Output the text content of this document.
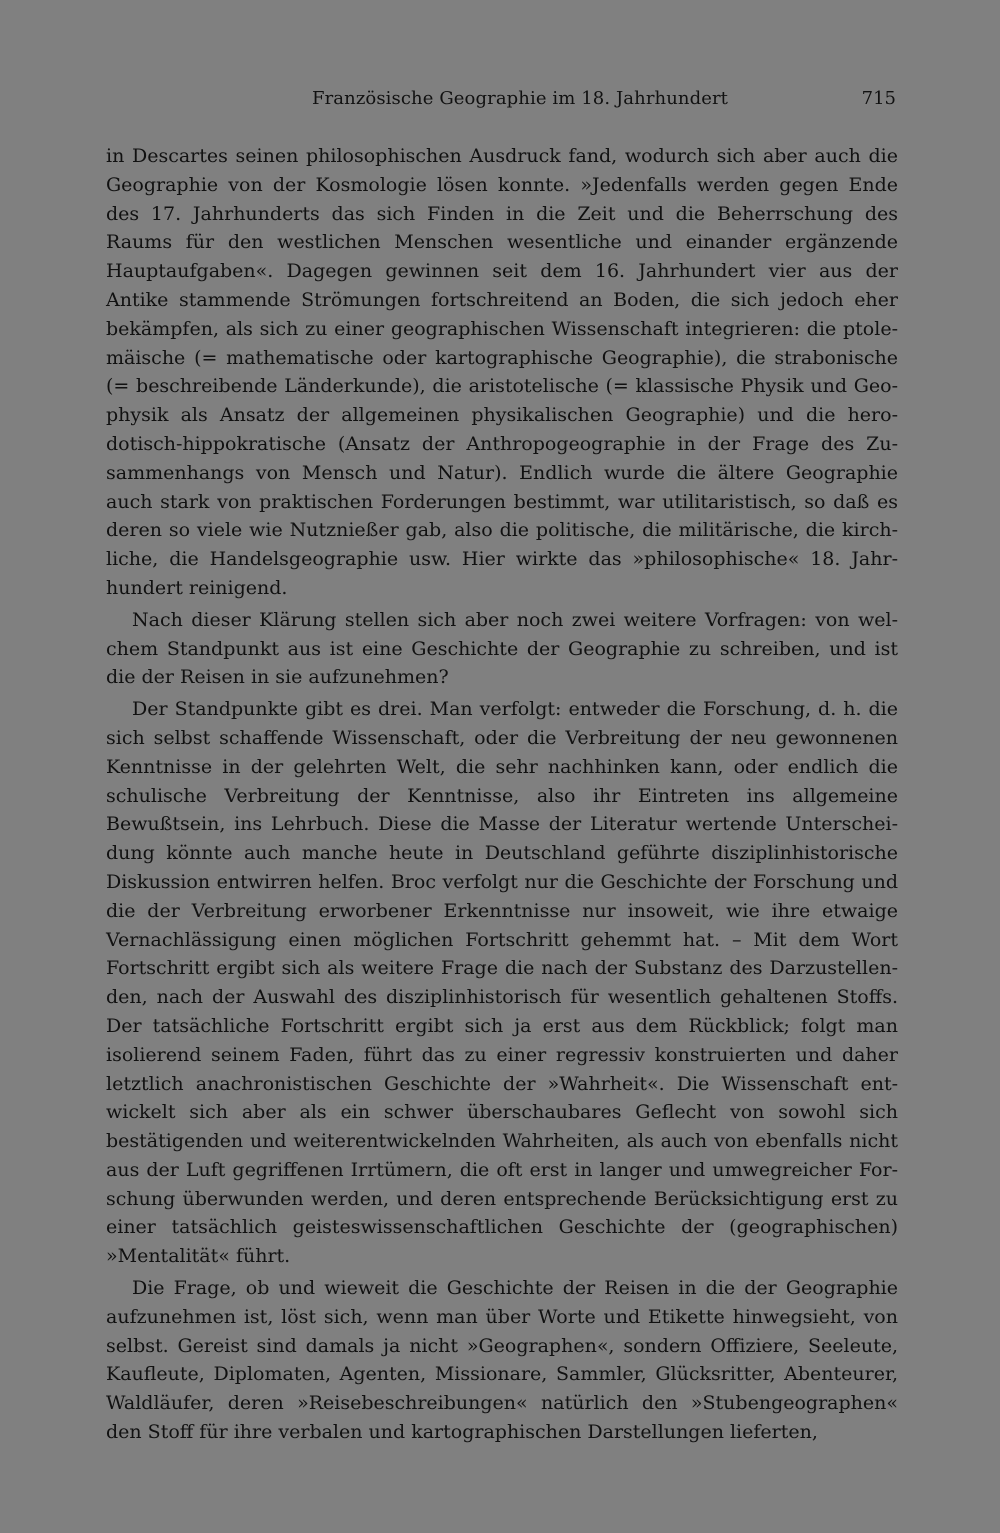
Französische Geographie im 18. Jahrhundert	715

in Descartes seinen philosophischen Ausdruck fand, wodurch sich aber auch die Geographie von der Kosmologie lösen konnte. »Jedenfalls werden gegen Ende des 17. Jahrhunderts das sich Finden in die Zeit und die Beherrschung des Raums für den westlichen Menschen wesentliche und einander ergänzende Hauptaufgaben«. Dagegen gewinnen seit dem 16. Jahrhundert vier aus der Antike stammende Strömungen fortschreitend an Boden, die sich jedoch eher bekämpfen, als sich zu einer geographischen Wissenschaft integrieren: die ptolemäische (= mathematische oder kartographische Geographie), die strabonische (= beschreibende Länderkunde), die aristotelische (= klassische Physik und Geophysik als Ansatz der allgemeinen physikalischen Geographie) und die herodotisch-hippokratische (Ansatz der Anthropogeographie in der Frage des Zusammenhangs von Mensch und Natur). Endlich wurde die ältere Geographie auch stark von praktischen Forderungen bestimmt, war utilitaristisch, so daß es deren so viele wie Nutznießer gab, also die politische, die militärische, die kirchliche, die Handelsgeographie usw. Hier wirkte das »philosophische« 18. Jahrhundert reinigend.

Nach dieser Klärung stellen sich aber noch zwei weitere Vorfragen: von welchem Standpunkt aus ist eine Geschichte der Geographie zu schreiben, und ist die der Reisen in sie aufzunehmen?

Der Standpunkte gibt es drei. Man verfolgt: entweder die Forschung, d. h. die sich selbst schaffende Wissenschaft, oder die Verbreitung der neu gewonnenen Kenntnisse in der gelehrten Welt, die sehr nachhinken kann, oder endlich die schulische Verbreitung der Kenntnisse, also ihr Eintreten ins allgemeine Bewußtsein, ins Lehrbuch. Diese die Masse der Literatur wertende Unterscheidung könnte auch manche heute in Deutschland geführte disziplinhistorische Diskussion entwirren helfen. Broc verfolgt nur die Geschichte der Forschung und die der Verbreitung erworbener Erkenntnisse nur insoweit, wie ihre etwaige Vernachlässigung einen möglichen Fortschritt gehemmt hat. – Mit dem Wort Fortschritt ergibt sich als weitere Frage die nach der Substanz des Darzustellenden, nach der Auswahl des disziplinhistorisch für wesentlich gehaltenen Stoffs. Der tatsächliche Fortschritt ergibt sich ja erst aus dem Rückblick; folgt man isolierend seinem Faden, führt das zu einer regressiv konstruierten und daher letztlich anachronistischen Geschichte der »Wahrheit«. Die Wissenschaft entwickelt sich aber als ein schwer überschaubares Geflecht von sowohl sich bestätigenden und weiterentwickelnden Wahrheiten, als auch von ebenfalls nicht aus der Luft gegriffenen Irrtümern, die oft erst in langer und umwegreicher Forschung überwunden werden, und deren entsprechende Berücksichtigung erst zu einer tatsächlich geisteswissenschaftlichen Geschichte der (geographischen) »Mentalität« führt.

Die Frage, ob und wieweit die Geschichte der Reisen in die der Geographie aufzunehmen ist, löst sich, wenn man über Worte und Etikette hinwegsieht, von selbst. Gereist sind damals ja nicht »Geographen«, sondern Offiziere, Seeleute, Kaufleute, Diplomaten, Agenten, Missionare, Sammler, Glücksritter, Abenteurer, Waldläufer, deren »Reisebeschreibungen« natürlich den »Stubengeographen« den Stoff für ihre verbalen und kartographischen Darstellungen lieferten,
